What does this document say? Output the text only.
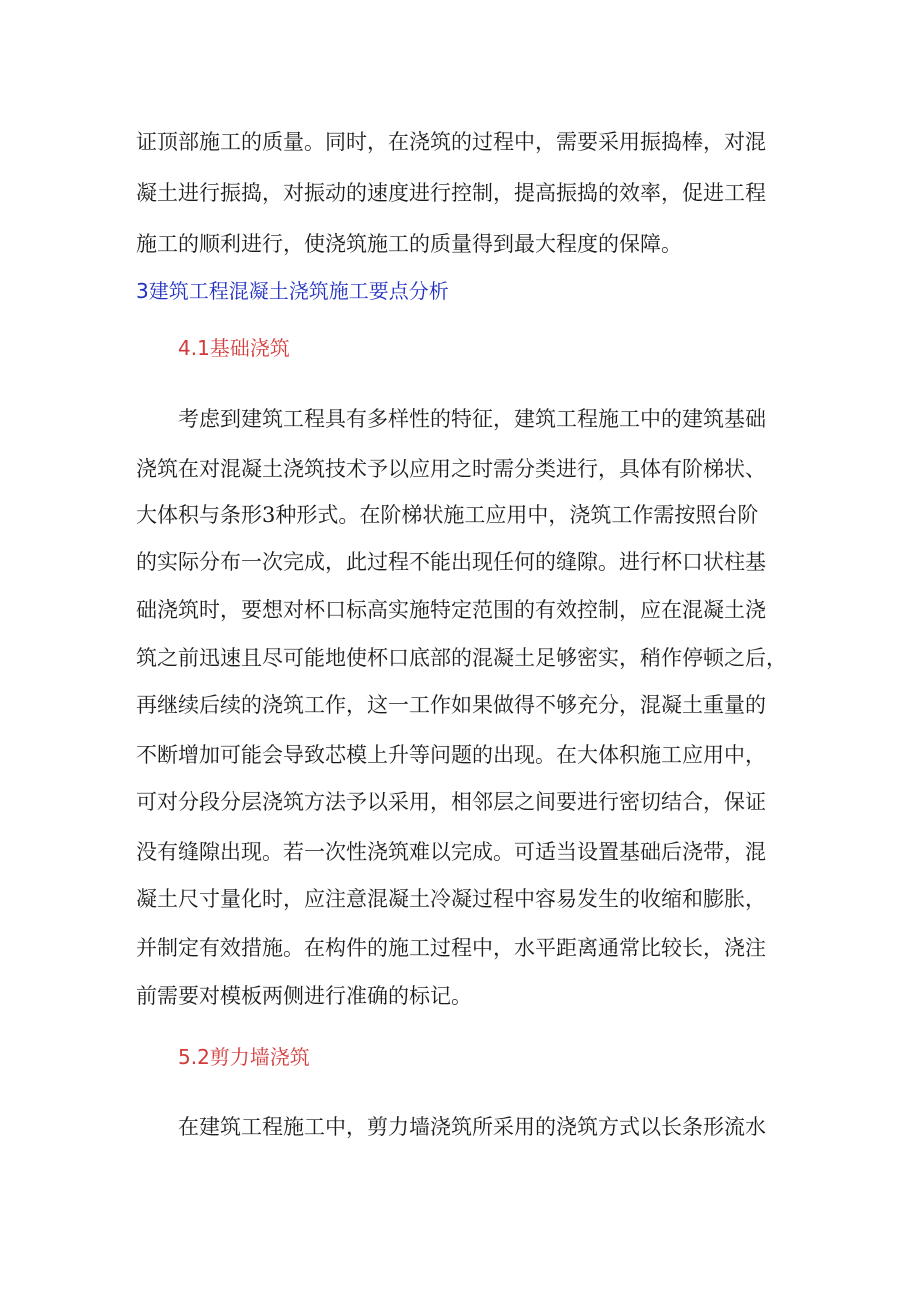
证顶部施工的质量。同时，在浇筑的过程中，需要采用振捣棒，对混
凝土进行振捣，对振动的速度进行控制，提高振捣的效率，促进工程
施工的顺利进行，使浇筑施工的质量得到最大程度的保障。
3建筑工程混凝土浇筑施工要点分析
4.1基础浇筑
考虑到建筑工程具有多样性的特征，建筑工程施工中的建筑基础
浇筑在对混凝土浇筑技术予以应用之时需分类进行，具体有阶梯状、
大体积与条形3种形式。在阶梯状施工应用中，浇筑工作需按照台阶
的实际分布一次完成，此过程不能出现任何的缝隙。进行杯口状柱基
础浇筑时，要想对杯口标高实施特定范围的有效控制，应在混凝土浇
筑之前迅速且尽可能地使杯口底部的混凝土足够密实，稍作停顿之后，
再继续后续的浇筑工作，这一工作如果做得不够充分，混凝土重量的
不断增加可能会导致芯模上升等问题的出现。在大体积施工应用中，
可对分段分层浇筑方法予以采用，相邻层之间要进行密切结合，保证
没有缝隙出现。若一次性浇筑难以完成。可适当设置基础后浇带，混
凝土尺寸量化时，应注意混凝土冷凝过程中容易发生的收缩和膨胀，
并制定有效措施。在构件的施工过程中，水平距离通常比较长，浇注
前需要对模板两侧进行准确的标记。
5.2剪力墙浇筑
在建筑工程施工中，剪力墙浇筑所采用的浇筑方式以长条形流水
